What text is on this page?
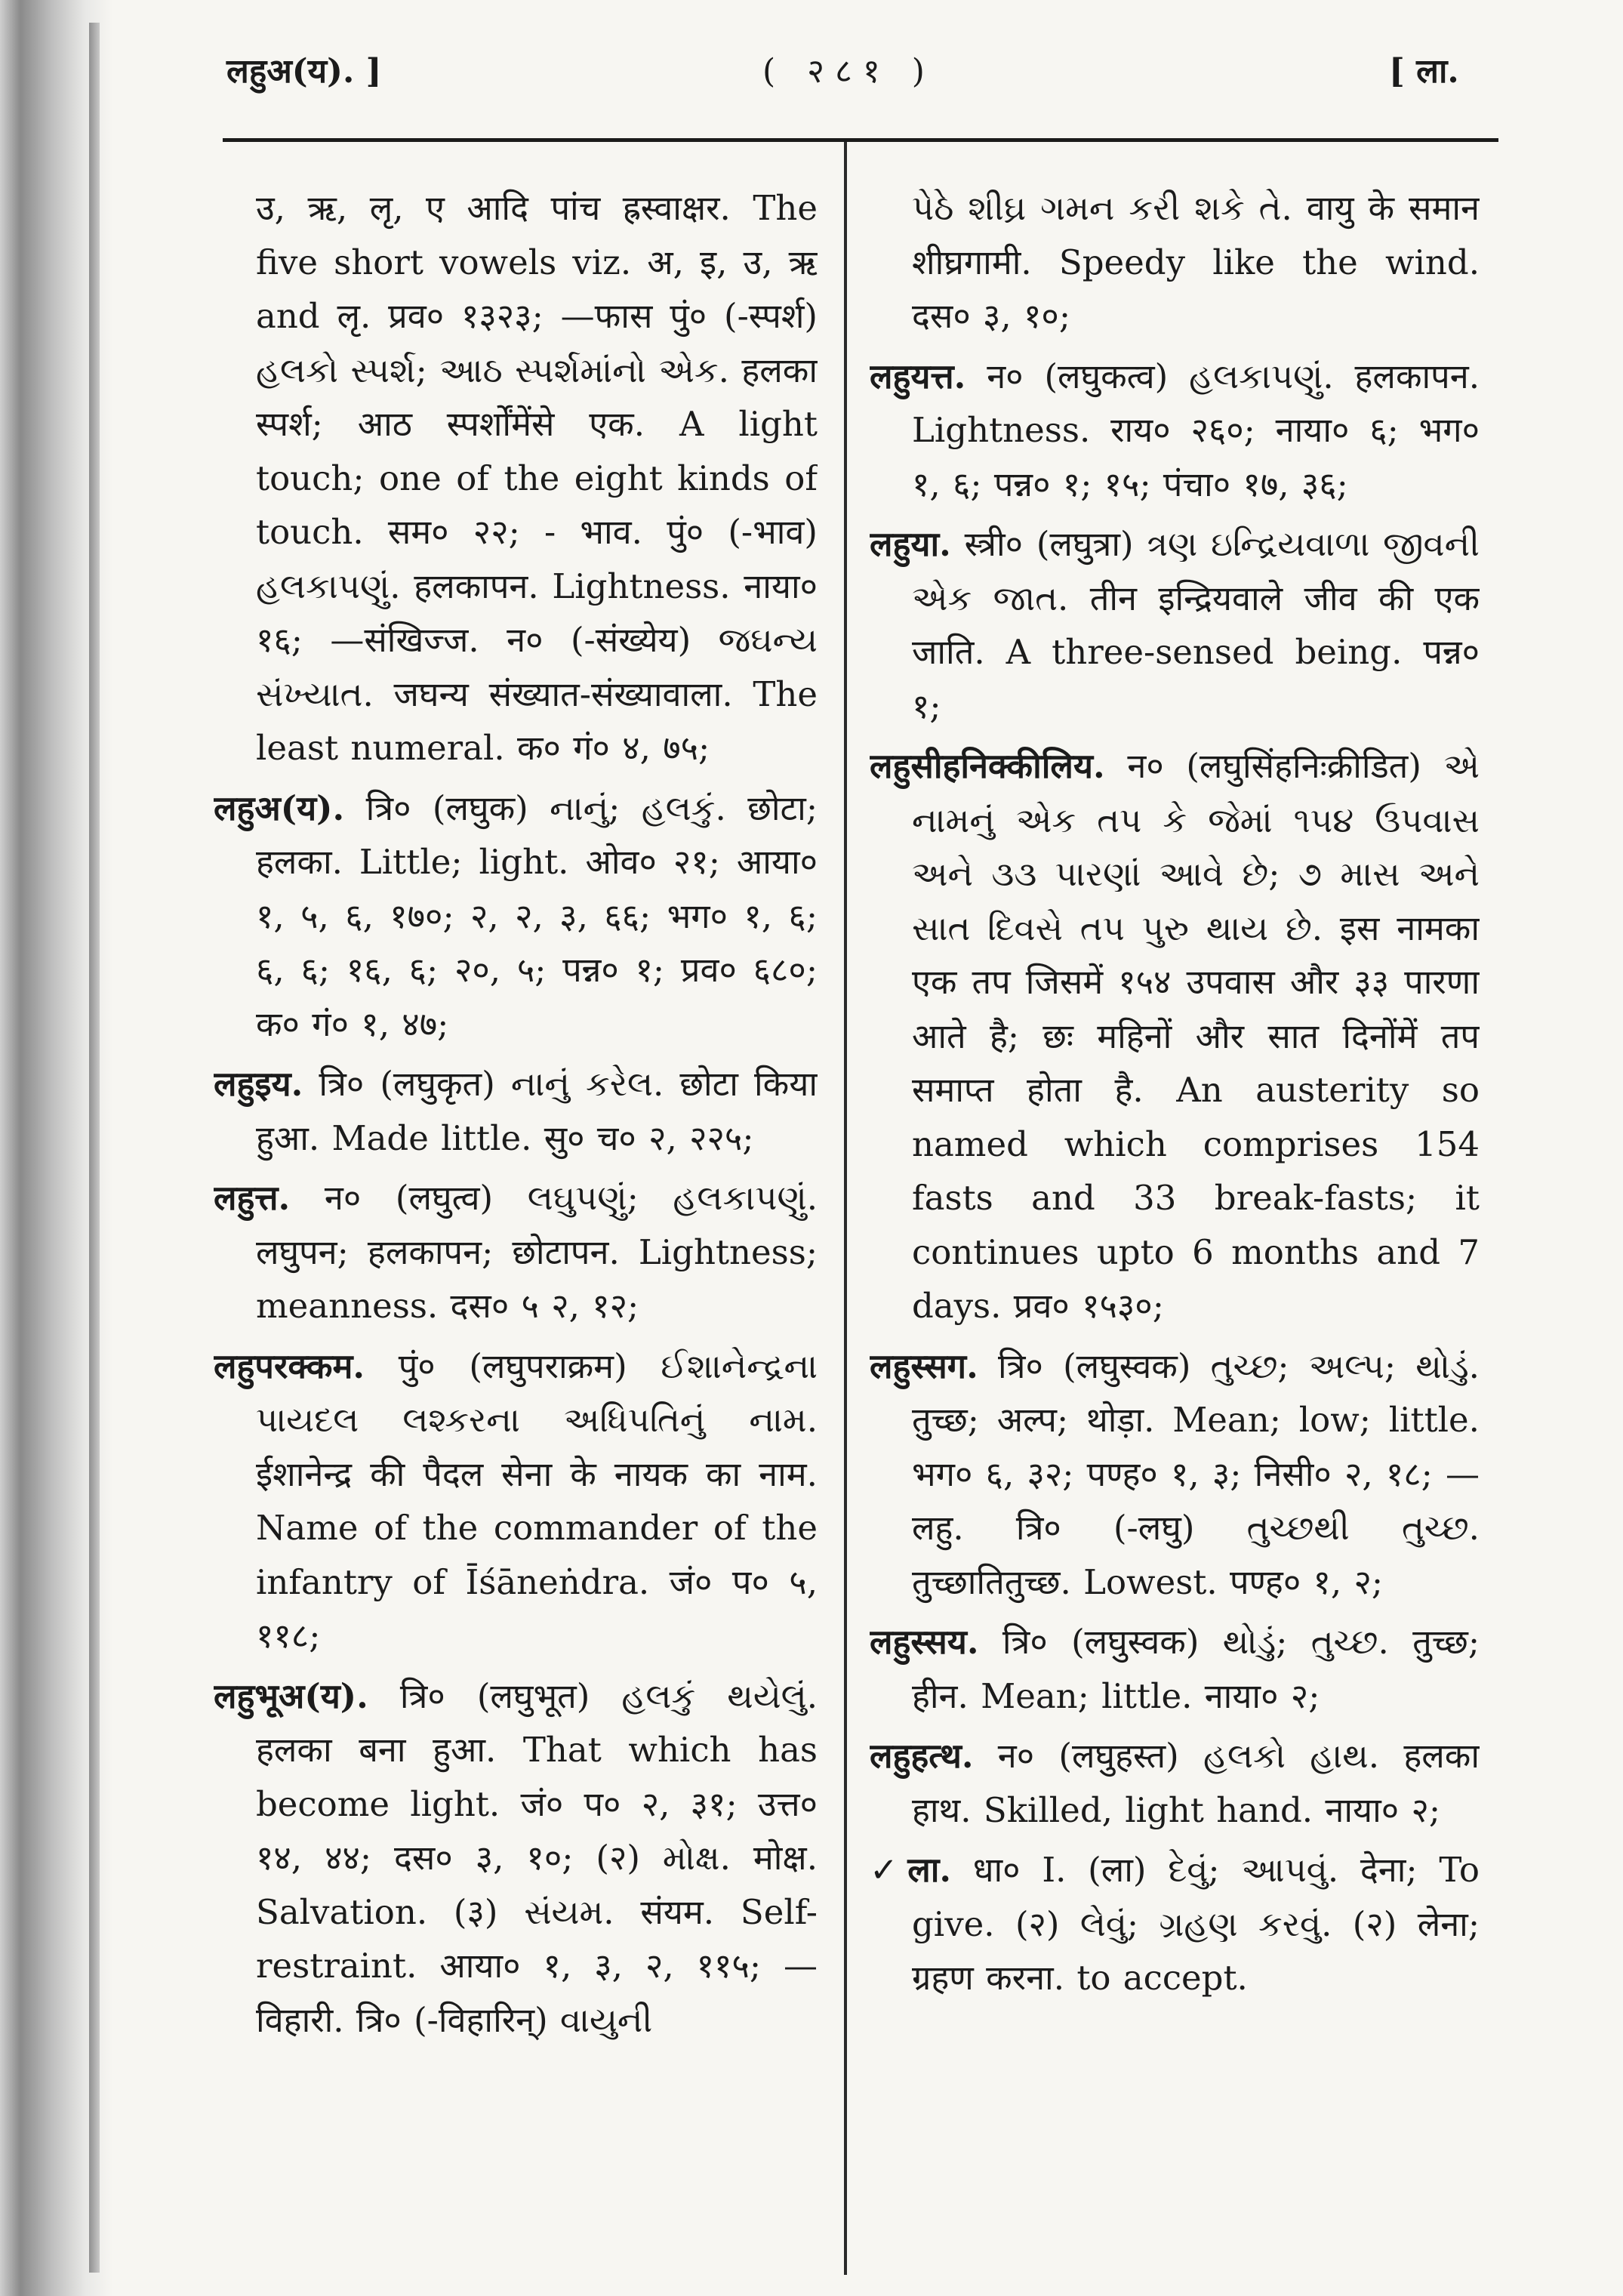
लहुअ(य). ]	( २८१ )	[ ला.

उ, ऋ, लृ, ए आदि पांच ह्रस्वाक्षर. The five short vowels viz. अ, इ, उ, ऋ and लृ. प्रव० १३२३; —फास पुं० (-स्पर्श) હલકો સ્પર્શ; આઠ સ્પર્શમાંનો એક. हलका स्पर्श; आठ स्पर्शोंमेंसे एक. A light touch; one of the eight kinds of touch. सम० २२; - भाव. पुं० (-भाव) હલકાપણું. हलकापन. Lightness. नाया० १६; —संखिज्ज. न० (-संख्येय) જઘન્ય સંખ્યાત. जघन्य संख्यात-संख्यावाला. The least numeral. क० गं० ४, ७५;

लहुअ(य). त्रि० (लघुक) નાનું; હલકું. छोटा; हलका. Little; light. ओव० २१; आया० १, ५, ६, १७०; २, २, ३, ६६; भग० १, ६; ६, ६; १६, ६; २०, ५; पन्न० १; प्रव० ६८०; क० गं० १, ४७;

लहुइय. त्रि० (लघुकृत) નાનું કરેલ. छोटा किया हुआ. Made little. सु० च० २, २२५;

लहुत्त. न० (लघुत्व) લઘુપણું; હલકાપણું. लघुपन; हलकापन; छोटापन. Lightness; meanness. दस० ५ २, १२;

लहुपरक्कम. पुं० (लघुपराक्रम) ઈશાનેન્દ્રના પાયદલ લશ્કરના અધિપતિનું નામ. ईशानेन्द्र की पैदल सेना के नायक का नाम. Name of the commander of the infantry of Īśāneṅdra. जं० प० ५, ११८;

लहुभूअ(य). त्रि० (लघुभूत) હલકું થયેલું. हलका बना हुआ. That which has become light. जं० प० २, ३१; उत्त० १४, ४४; दस० ३, १०; (२) મોક્ષ. मोक्ष. Salvation. (३) સંયમ. संयम. Self-restraint. आया० १, ३, २, ११५; —विहारी. त्रि० (-विहारिन्) વાયુની

પેઠે શીઘ્ર ગમન કરી શકે તે. वायु के समान शीघ्रगामी. Speedy like the wind. दस० ३, १०;

लहुयत्त. न० (लघुकत्व) હલકાપણું. हलकापन. Lightness. राय० २६०; नाया० ६; भग० १, ६; पन्न० १; १५; पंचा० १७, ३६;

लहुया. स्त्री० (लघुत्रा) ત્રણ ઇન્દ્રિયવાળા જીવની એક જાત. तीन इन्द्रियवाले जीव की एक जाति. A three-sensed being. पन्न० १;

लहुसीहनिक्कीलिय. न० (लघुसिंहनिःक्रीडित) એ નામનું એક તપ કે જેમાં ૧૫૪ ઉપવાસ અને ૩૩ પારણાં આવે છે; ૭ માસ અને સાત દિવસે તપ પુરુ થાય છે. इस नामका एक तप जिसमें १५४ उपवास और ३३ पारणा आते है; छः महिनों और सात दिनोंमें तप समाप्त होता है. An austerity so named which comprises 154 fasts and 33 break-fasts; it continues upto 6 months and 7 days. प्रव० १५३०;

लहुस्सग. त्रि० (लघुस्वक) તુચ્છ; અલ્પ; થોડું. तुच्छ; अल्प; थोड़ा. Mean; low; little. भग० ६, ३२; पण्ह० १, ३; निसी० २, १८; —लहु. त्रि० (-लघु) તુચ્છથી તુચ્છ. तुच्छातितुच्छ. Lowest. पण्ह० १, २;

लहुस्सय. त्रि० (लघुस्वक) થોડું; તુચ્છ. तुच्छ; हीन. Mean; little. नाया० २;

लहुहत्थ. न० (लघुहस्त) હલકો હાથ. हलका हाथ. Skilled, light hand. नाया० २;

✓ला. धा० I. (ला) દેવું; આપવું. देना; To give. (२) લેવું; ગ્રહણ કરવું. (२) लेना; ग्रहण करना. to accept.
